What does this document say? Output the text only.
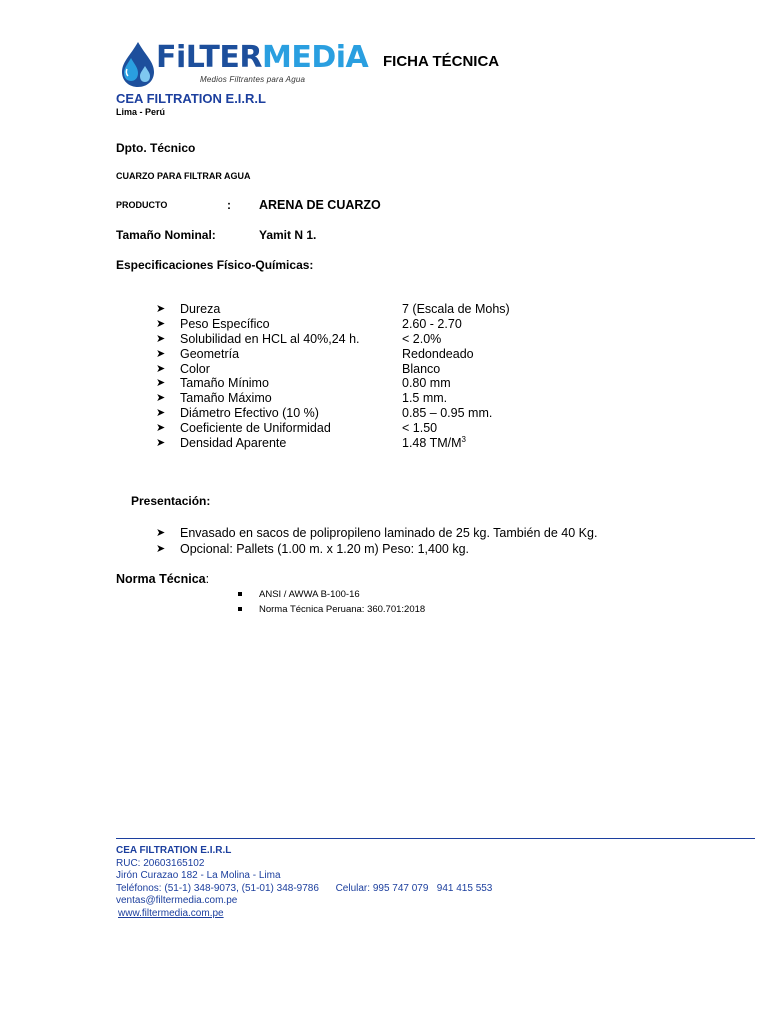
FiLTERMEDiA
Medios Filtrantes para Agua
FICHA TÉCNICA
CEA FILTRATION E.I.R.L
Lima - Perú
Dpto. Técnico
CUARZO PARA FILTRAR AGUA
PRODUCTO	: ARENA DE CUARZO
Tamaño Nominal:	Yamit N 1.
Especificaciones Físico-Químicas:
➤ Dureza	7 (Escala de Mohs)
➤ Peso Específico	2.60 - 2.70
➤ Solubilidad en HCL al 40%,24 h.	< 2.0%
➤ Geometría	Redondeado
➤ Color	Blanco
➤ Tamaño Mínimo	0.80 mm
➤ Tamaño Máximo	1.5 mm.
➤ Diámetro Efectivo (10 %)	0.85 – 0.95 mm.
➤ Coeficiente de Uniformidad	< 1.50
➤ Densidad Aparente	1.48 $TM/M^3$
Presentación:
➤ Envasado en sacos de polipropileno laminado de 25 kg. También de 40 Kg.
➤ Opcional: Pallets (1.00 m. x 1.20 m) Peso: 1,400 kg.
Norma Técnica:
ANSI / AWWA B-100-16
Norma Técnica Peruana: 360.701:2018
CEA FILTRATION E.I.R.L
RUC: 20603165102
Jirón Curazao 182 - La Molina - Lima
Teléfonos: (51-1) 348-9073, (51-01) 348-9786      Celular: 995 747 079   941 415 553
ventas@filtermedia.com.pe
www.filtermedia.com.pe
